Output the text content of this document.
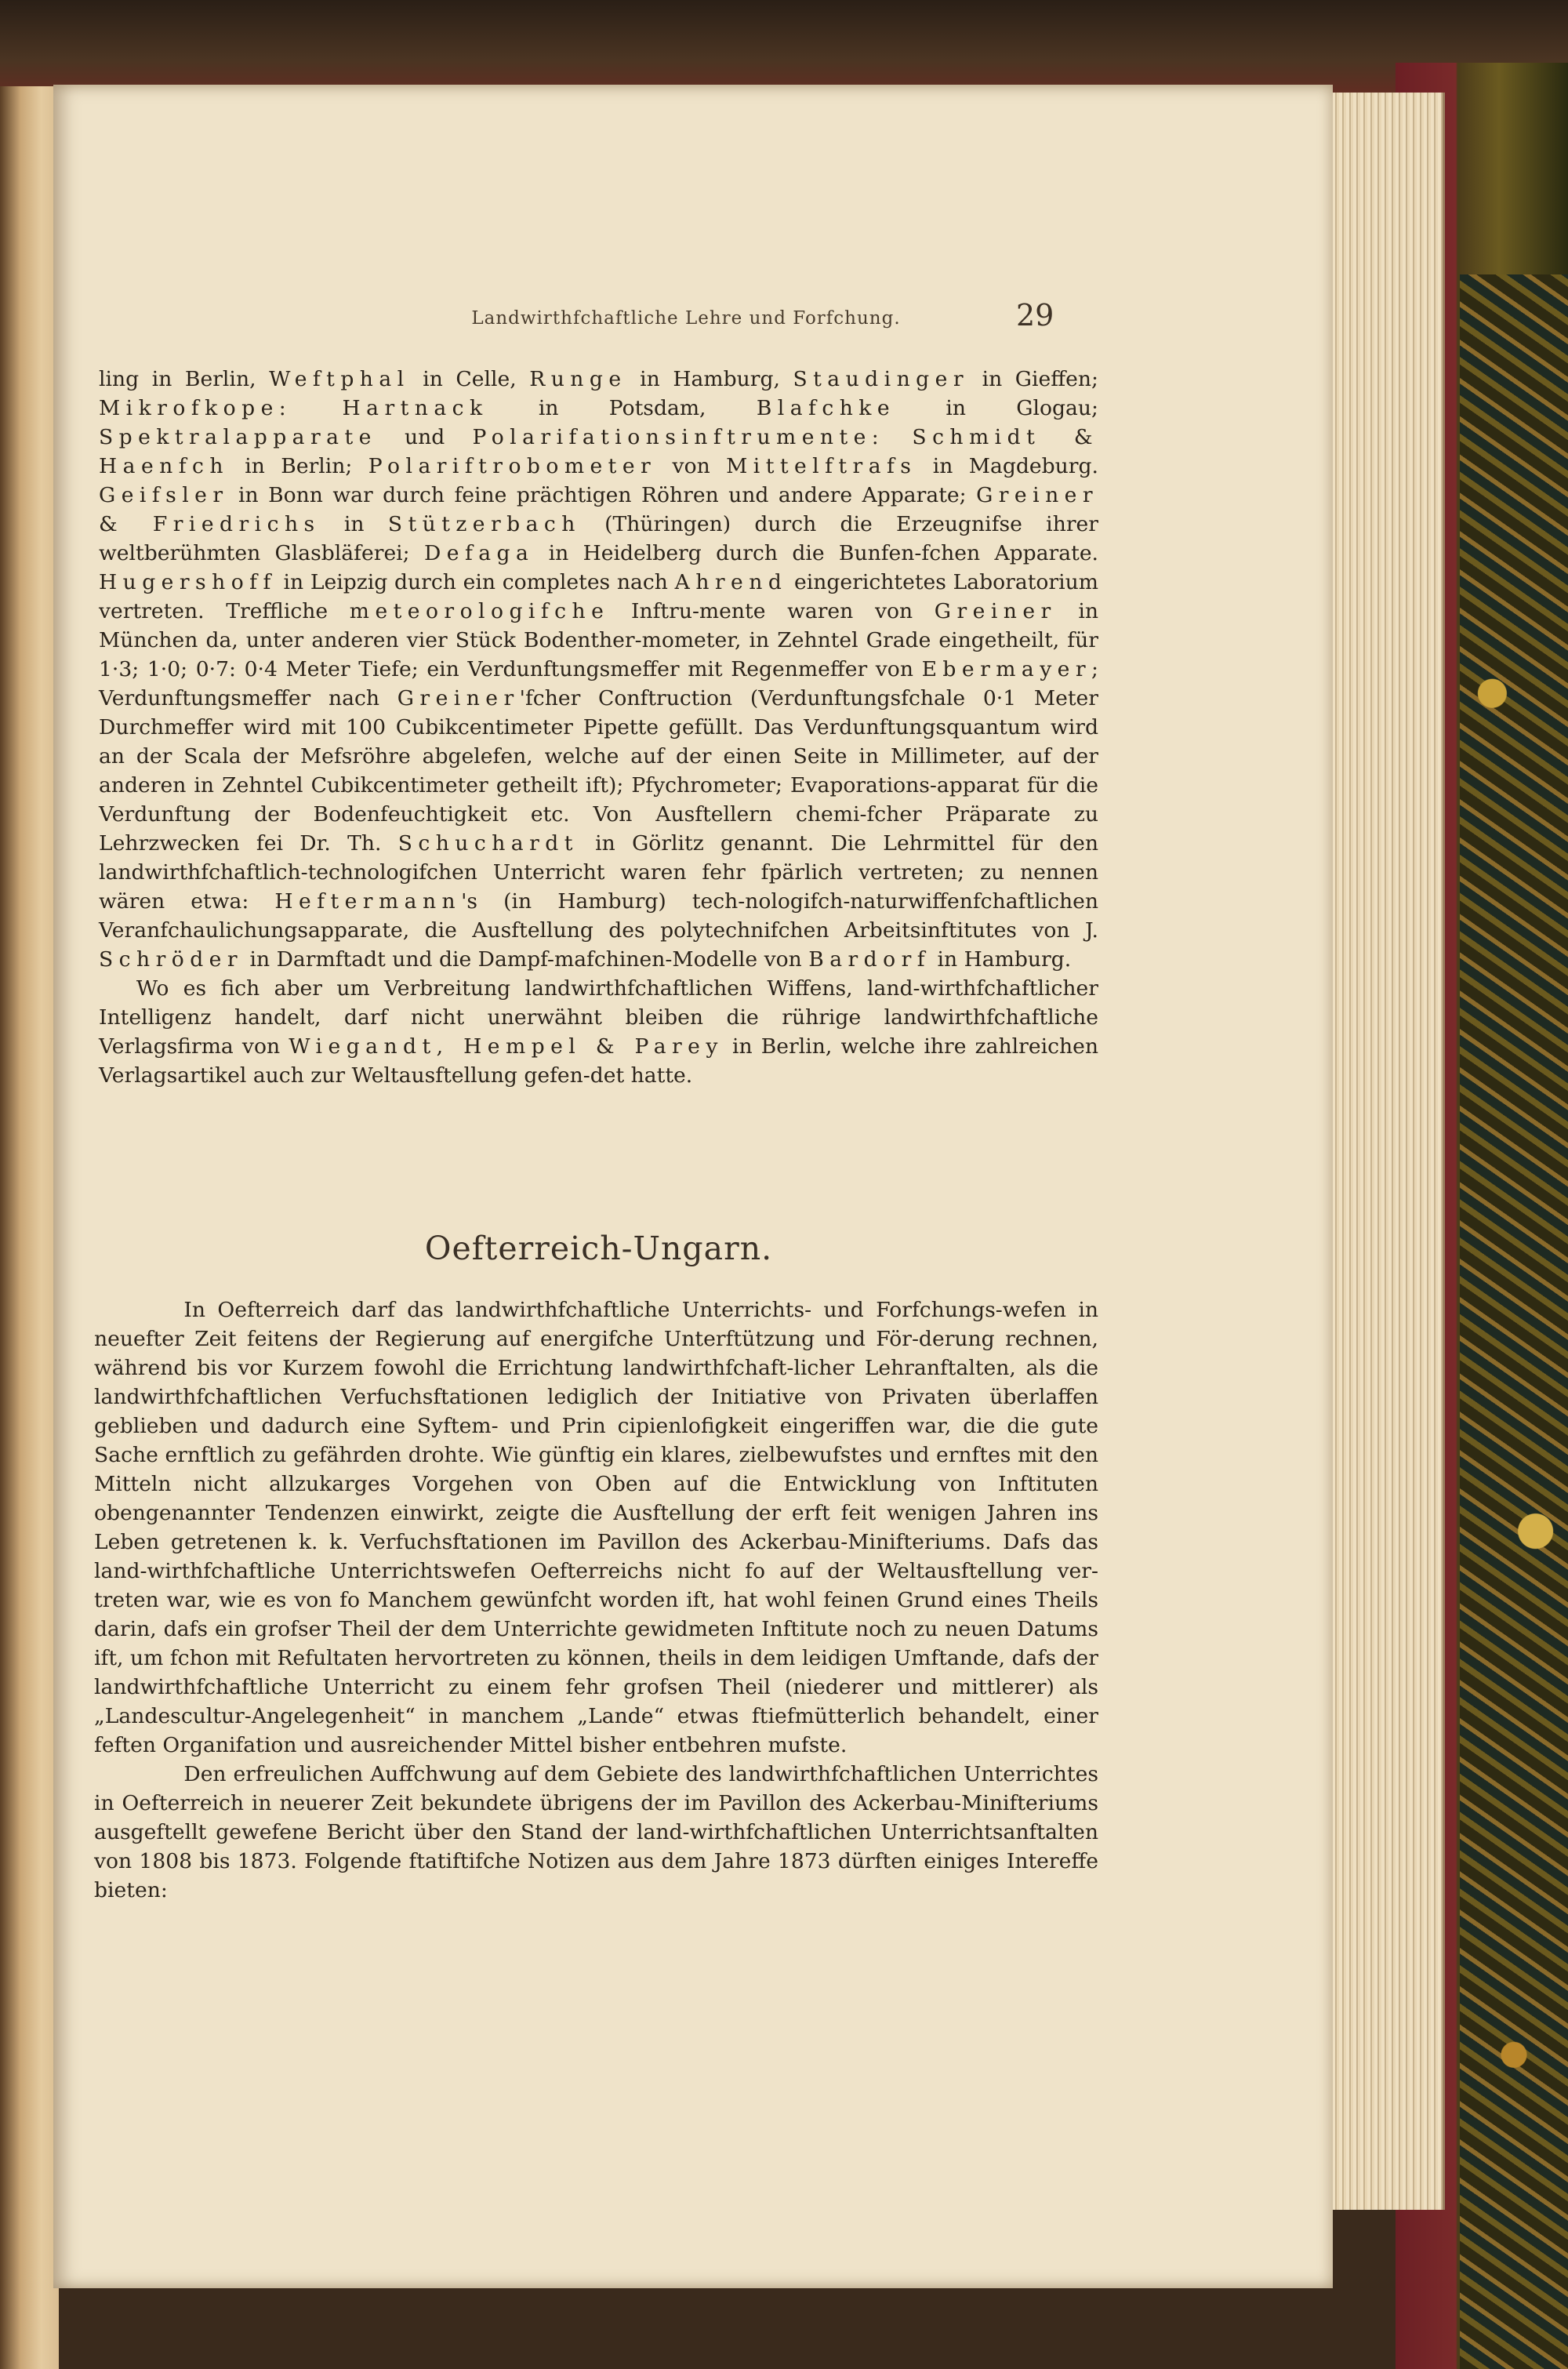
Landwirthfchaftliche Lehre und Forfchung.	29

ling in Berlin, Weftphal in Celle, Runge in Hamburg, Staudinger in Gieffen; Mikrofkope: Hartnack in Potsdam, Blafchke in Glogau; Spektralapparate und Polarifationsinftrumente: Schmidt & Haenfch in Berlin; Polariftrobometer von Mittelftrafs in Magdeburg. Geifsler in Bonn war durch feine prächtigen Röhren und andere Apparate; Greiner & Friedrichs in Stützerbach (Thüringen) durch die Erzeugnifse ihrer weltberühmten Glasbläferei; Defaga in Heidelberg durch die Bunfen-fchen Apparate. Hugershoff in Leipzig durch ein completes nach Ahrend eingerichtetes Laboratorium vertreten. Treffliche meteorologifche Inftru-mente waren von Greiner in München da, unter anderen vier Stück Bodenther-mometer, in Zehntel Grade eingetheilt, für 1·3; 1·0; 0·7: 0·4 Meter Tiefe; ein Verdunftungsmeffer mit Regenmeffer von Ebermayer; Verdunftungsmeffer nach Greiner'fcher Conftruction (Verdunftungsfchale 0·1 Meter Durchmeffer wird mit 100 Cubikcentimeter Pipette gefüllt. Das Verdunftungsquantum wird an der Scala der Mefsröhre abgelefen, welche auf der einen Seite in Millimeter, auf der anderen in Zehntel Cubikcentimeter getheilt ift); Pfychrometer; Evaporations-apparat für die Verdunftung der Bodenfeuchtigkeit etc. Von Ausftellern chemi-fcher Präparate zu Lehrzwecken fei Dr. Th. Schuchardt in Görlitz genannt. Die Lehrmittel für den landwirthfchaftlich-technologifchen Unterricht waren fehr fpärlich vertreten; zu nennen wären etwa: Heftermann's (in Hamburg) tech-nologifch-naturwiffenfchaftlichen Veranfchaulichungsapparate, die Ausftellung des polytechnifchen Arbeitsinftitutes von J. Schröder in Darmftadt und die Dampf-mafchinen-Modelle von Bardorf in Hamburg.

Wo es fich aber um Verbreitung landwirthfchaftlichen Wiffens, land-wirthfchaftlicher Intelligenz handelt, darf nicht unerwähnt bleiben die rührige landwirthfchaftliche Verlagsfirma von Wiegandt, Hempel & Parey in Berlin, welche ihre zahlreichen Verlagsartikel auch zur Weltausftellung gefen-det hatte.

Oefterreich-Ungarn.

In Oefterreich darf das landwirthfchaftliche Unterrichts- und Forfchungs-wefen in neuefter Zeit feitens der Regierung auf energifche Unterftützung und För-derung rechnen, während bis vor Kurzem fowohl die Errichtung landwirthfchaft-licher Lehranftalten, als die landwirthfchaftlichen Verfuchsftationen lediglich der Initiative von Privaten überlaffen geblieben und dadurch eine Syftem- und Prin cipienlofigkeit eingeriffen war, die die gute Sache ernftlich zu gefährden drohte. Wie günftig ein klares, zielbewufstes und ernftes mit den Mitteln nicht allzukarges Vorgehen von Oben auf die Entwicklung von Inftituten obengenannter Tendenzen einwirkt, zeigte die Ausftellung der erft feit wenigen Jahren ins Leben getretenen k. k. Verfuchsftationen im Pavillon des Ackerbau-Minifteriums. Dafs das land-wirthfchaftliche Unterrichtswefen Oefterreichs nicht fo auf der Weltausftellung ver-treten war, wie es von fo Manchem gewünfcht worden ift, hat wohl feinen Grund eines Theils darin, dafs ein grofser Theil der dem Unterrichte gewidmeten Inftitute noch zu neuen Datums ift, um fchon mit Refultaten hervortreten zu können, theils in dem leidigen Umftande, dafs der landwirthfchaftliche Unterricht zu einem fehr grofsen Theil (niederer und mittlerer) als „Landescultur-Angelegenheit“ in manchem „Lande“ etwas ftiefmütterlich behandelt, einer feften Organifation und ausreichender Mittel bisher entbehren mufste.

Den erfreulichen Auffchwung auf dem Gebiete des landwirthfchaftlichen Unterrichtes in Oefterreich in neuerer Zeit bekundete übrigens der im Pavillon des Ackerbau-Minifteriums ausgeftellt gewefene Bericht über den Stand der land-wirthfchaftlichen Unterrichtsanftalten von 1808 bis 1873. Folgende ftatiftifche Notizen aus dem Jahre 1873 dürften einiges Intereffe bieten:
